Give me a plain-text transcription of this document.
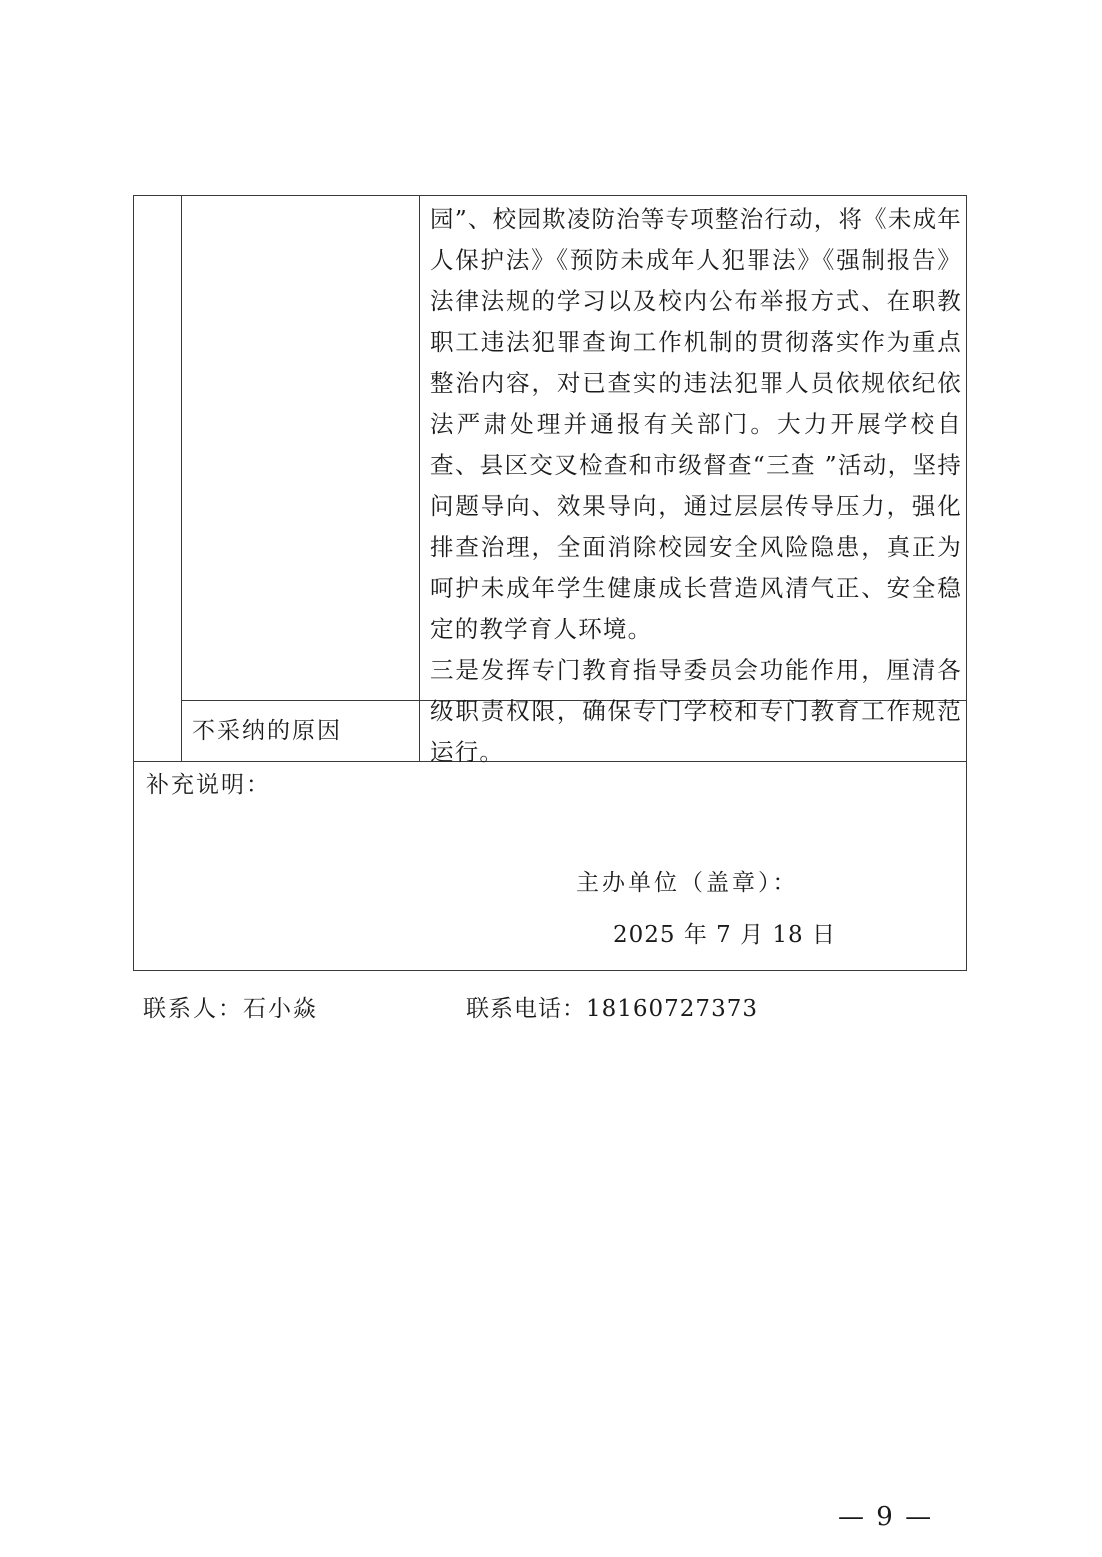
园”、校园欺凌防治等专项整治行动，将《未成年人保护法》《预防未成年人犯罪法》《强制报告》法律法规的学习以及校内公布举报方式、在职教职工违法犯罪查询工作机制的贯彻落实作为重点整治内容，对已查实的违法犯罪人员依规依纪依法严肃处理并通报有关部门。大力开展学校自查、县区交叉检查和市级督查“三查 ”活动，坚持问题导向、效果导向，通过层层传导压力，强化排查治理，全面消除校园安全风险隐患，真正为呵护未成年学生健康成长营造风清气正、安全稳定的教学育人环境。

三是发挥专门教育指导委员会功能作用，厘清各级职责权限，确保专门学校和专门教育工作规范运行。

不采纳的原因
补充说明：
主办单位（盖章）：
2025 年 7 月 18 日
联系人：石小焱	联系电话：18160727373
— 9 —
